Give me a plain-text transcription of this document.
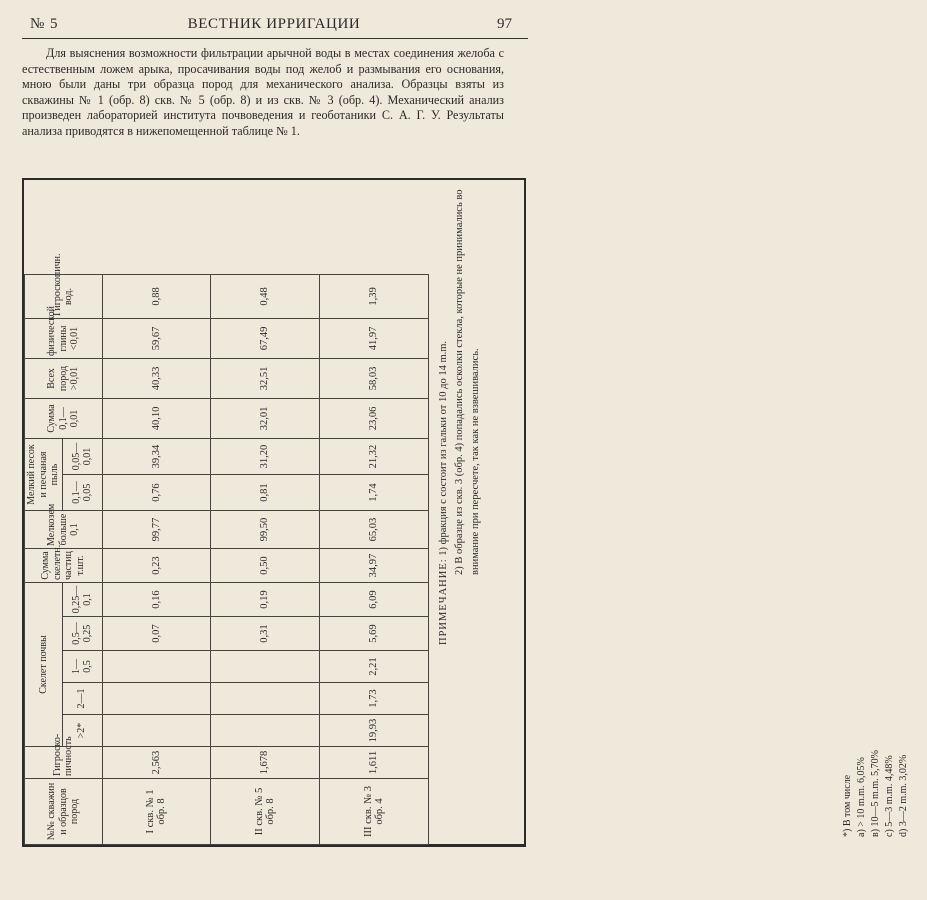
№ 5	ВЕСТНИК ИРРИГАЦИИ	97

Для выяснения возможности фильтрации арычной воды в местах соединения желоба с естественным ложем арыка, просачивания воды под желоб и размывания его основания, мною были даны три образца пород для механического анализа. Образцы взяты из скважины № 1 (обр. 8) скв. № 5 (обр. 8) и из скв. № 3 (обр. 4). Механический анализ произведен лабораторией института почвоведения и геоботаники С. А. Г. У. Результаты анализа приводятся в нижепомещенной таблице № 1.

№№ скважин и образцов пород	Гигроско-пичность	Скелет почвы					Сумма скелетн. частиц т.шт.	Мелкозем больше 0,1	Мелкий песок и песчаная пыль		Сумма 0,1—0,01	Всех пород >0,01	физической глины <0,01	Гигроскопичн. вод.
		>2*	2—1	1—0,5	0,5—0,25	0,25—0,1			0,1—0,05	0,05—0,01				
I скв. № 1 обр. 8	2,563				0,07	0,16	0,23	99,77	0,76	39,34	40,10	40,33	59,67	0,88
II скв. № 5 обр. 8	1,678				0,31	0,19	0,50	99,50	0,81	31,20	32,01	32,51	67,49	0,48
III скв. № 3 обр. 4	1,611	19,93	1,73	2,21	5,69	6,09	34,97	65,03	1,74	21,32	23,06	58,03	41,97	1,39
*) В том числе а) > 10 m.m. 6,05% в) 10—5 m.m. 5,70% с) 5—3 m.m. 4,48% d) 3—2 m.m. 3,02%
ПРИМЕЧАНИЕ: 1) фракция с состоит из гальки от 10 до 14 m.m. 2) В образце из скв. 3 (обр. 4) попадались осколки стекла, которые не принимались во внимание при пересчете, так как не взвешивались.
